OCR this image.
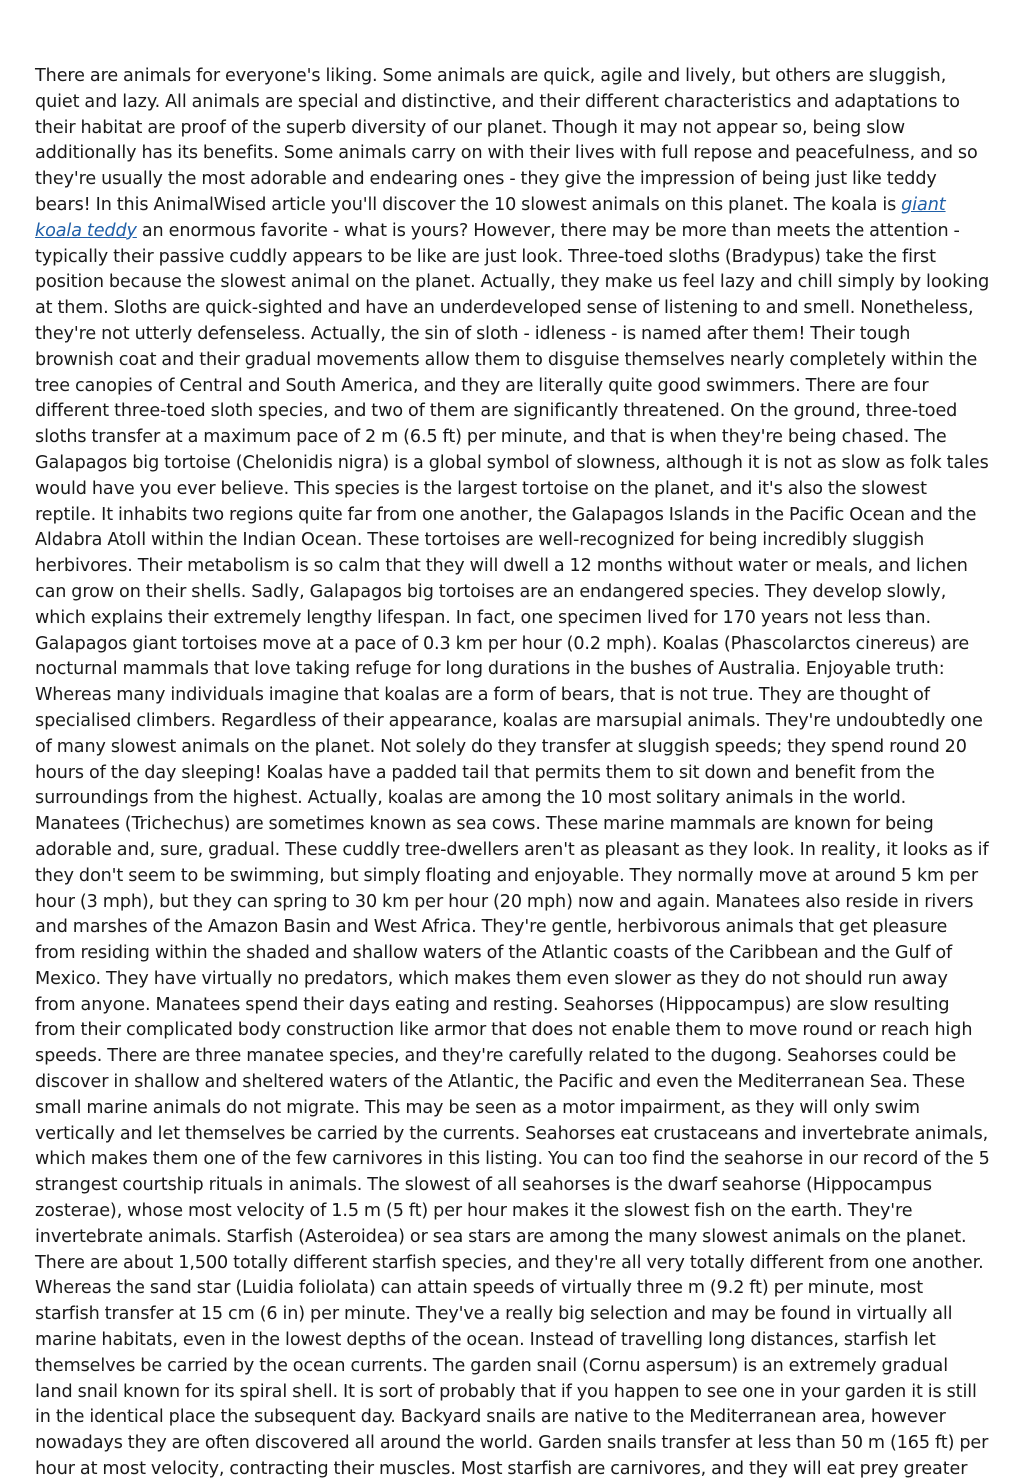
There are animals for everyone's liking. Some animals are quick, agile and lively, but others are sluggish, quiet and lazy. All animals are special and distinctive, and their different characteristics and adaptations to their habitat are proof of the superb diversity of our planet. Though it may not appear so, being slow additionally has its benefits. Some animals carry on with their lives with full repose and peacefulness, and so they're usually the most adorable and endearing ones - they give the impression of being just like teddy bears! In this AnimalWised article you'll discover the 10 slowest animals on this planet. The koala is giant koala teddy an enormous favorite - what is yours? However, there may be more than meets the attention - typically their passive cuddly appears to be like are just look. Three-toed sloths (Bradypus) take the first position because the slowest animal on the planet. Actually, they make us feel lazy and chill simply by looking at them. Sloths are quick-sighted and have an underdeveloped sense of listening to and smell. Nonetheless, they're not utterly defenseless. Actually, the sin of sloth - idleness - is named after them! Their tough brownish coat and their gradual movements allow them to disguise themselves nearly completely within the tree canopies of Central and South America, and they are literally quite good swimmers. There are four different three-toed sloth species, and two of them are significantly threatened. On the ground, three-toed sloths transfer at a maximum pace of 2 m (6.5 ft) per minute, and that is when they're being chased. The Galapagos big tortoise (Chelonidis nigra) is a global symbol of slowness, although it is not as slow as folk tales would have you ever believe. This species is the largest tortoise on the planet, and it's also the slowest reptile. It inhabits two regions quite far from one another, the Galapagos Islands in the Pacific Ocean and the Aldabra Atoll within the Indian Ocean. These tortoises are well-recognized for being incredibly sluggish herbivores. Their metabolism is so calm that they will dwell a 12 months without water or meals, and lichen can grow on their shells. Sadly, Galapagos big tortoises are an endangered species. They develop slowly, which explains their extremely lengthy lifespan. In fact, one specimen lived for 170 years not less than. Galapagos giant tortoises move at a pace of 0.3 km per hour (0.2 mph). Koalas (Phascolarctos cinereus) are nocturnal mammals that love taking refuge for long durations in the bushes of Australia. Enjoyable truth: Whereas many individuals imagine that koalas are a form of bears, that is not true. They are thought of specialised climbers. Regardless of their appearance, koalas are marsupial animals. They're undoubtedly one of many slowest animals on the planet. Not solely do they transfer at sluggish speeds; they spend round 20 hours of the day sleeping! Koalas have a padded tail that permits them to sit down and benefit from the surroundings from the highest. Actually, koalas are among the 10 most solitary animals in the world. Manatees (Trichechus) are sometimes known as sea cows. These marine mammals are known for being adorable and, sure, gradual. These cuddly tree-dwellers aren't as pleasant as they look. In reality, it looks as if they don't seem to be swimming, but simply floating and enjoyable. They normally move at around 5 km per hour (3 mph), but they can spring to 30 km per hour (20 mph) now and again. Manatees also reside in rivers and marshes of the Amazon Basin and West Africa. They're gentle, herbivorous animals that get pleasure from residing within the shaded and shallow waters of the Atlantic coasts of the Caribbean and the Gulf of Mexico. They have virtually no predators, which makes them even slower as they do not should run away from anyone. Manatees spend their days eating and resting. Seahorses (Hippocampus) are slow resulting from their complicated body construction like armor that does not enable them to move round or reach high speeds. There are three manatee species, and they're carefully related to the dugong. Seahorses could be discover in shallow and sheltered waters of the Atlantic, the Pacific and even the Mediterranean Sea. These small marine animals do not migrate. This may be seen as a motor impairment, as they will only swim vertically and let themselves be carried by the currents. Seahorses eat crustaceans and invertebrate animals, which makes them one of the few carnivores in this listing. You can too find the seahorse in our record of the 5 strangest courtship rituals in animals. The slowest of all seahorses is the dwarf seahorse (Hippocampus zosterae), whose most velocity of 1.5 m (5 ft) per hour makes it the slowest fish on the earth. They're invertebrate animals. Starfish (Asteroidea) or sea stars are among the many slowest animals on the planet. There are about 1,500 totally different starfish species, and they're all very totally different from one another. Whereas the sand star (Luidia foliolata) can attain speeds of virtually three m (9.2 ft) per minute, most starfish transfer at 15 cm (6 in) per minute. They've a really big selection and may be found in virtually all marine habitats, even in the lowest depths of the ocean. Instead of travelling long distances, starfish let themselves be carried by the ocean currents. The garden snail (Cornu aspersum) is an extremely gradual land snail known for its spiral shell. It is sort of probably that if you happen to see one in your garden it is still in the identical place the subsequent day. Backyard snails are native to the Mediterranean area, however nowadays they are often discovered all around the world. Garden snails transfer at less than 50 m (165 ft) per hour at most velocity, contracting their muscles. Most starfish are carnivores, and they will eat prey greater
